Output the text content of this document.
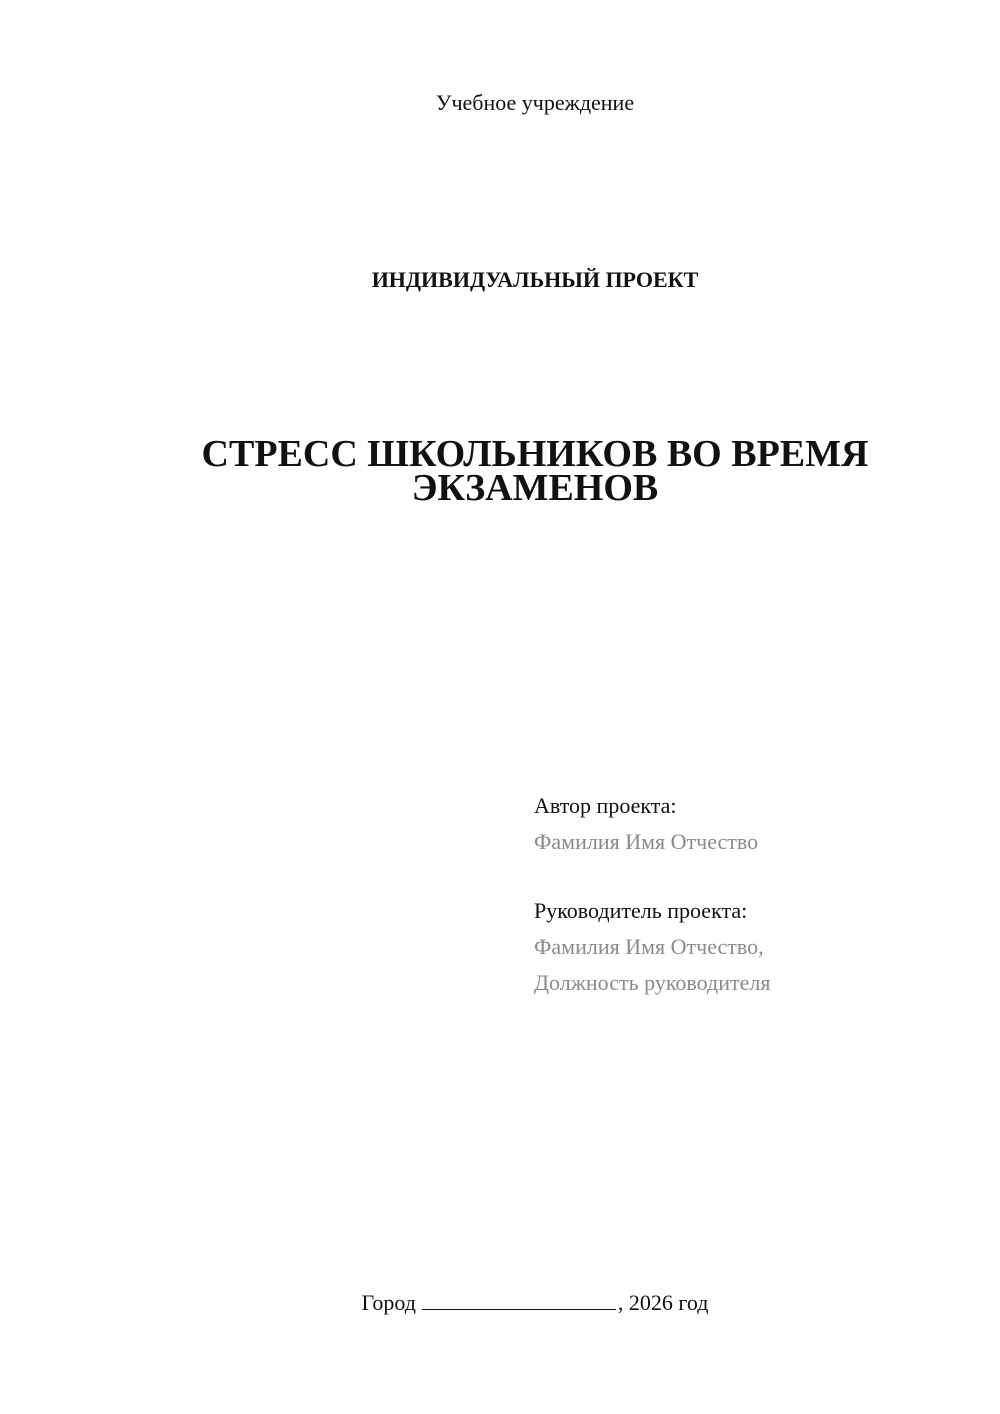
Учебное учреждение
ИНДИВИДУАЛЬНЫЙ ПРОЕКТ
СТРЕСС ШКОЛЬНИКОВ ВО ВРЕМЯ
ЭКЗАМЕНОВ
Автор проекта:
Фамилия Имя Отчество
Руководитель проекта:
Фамилия Имя Отчество,
Должность руководителя
Город	, 2026 год
